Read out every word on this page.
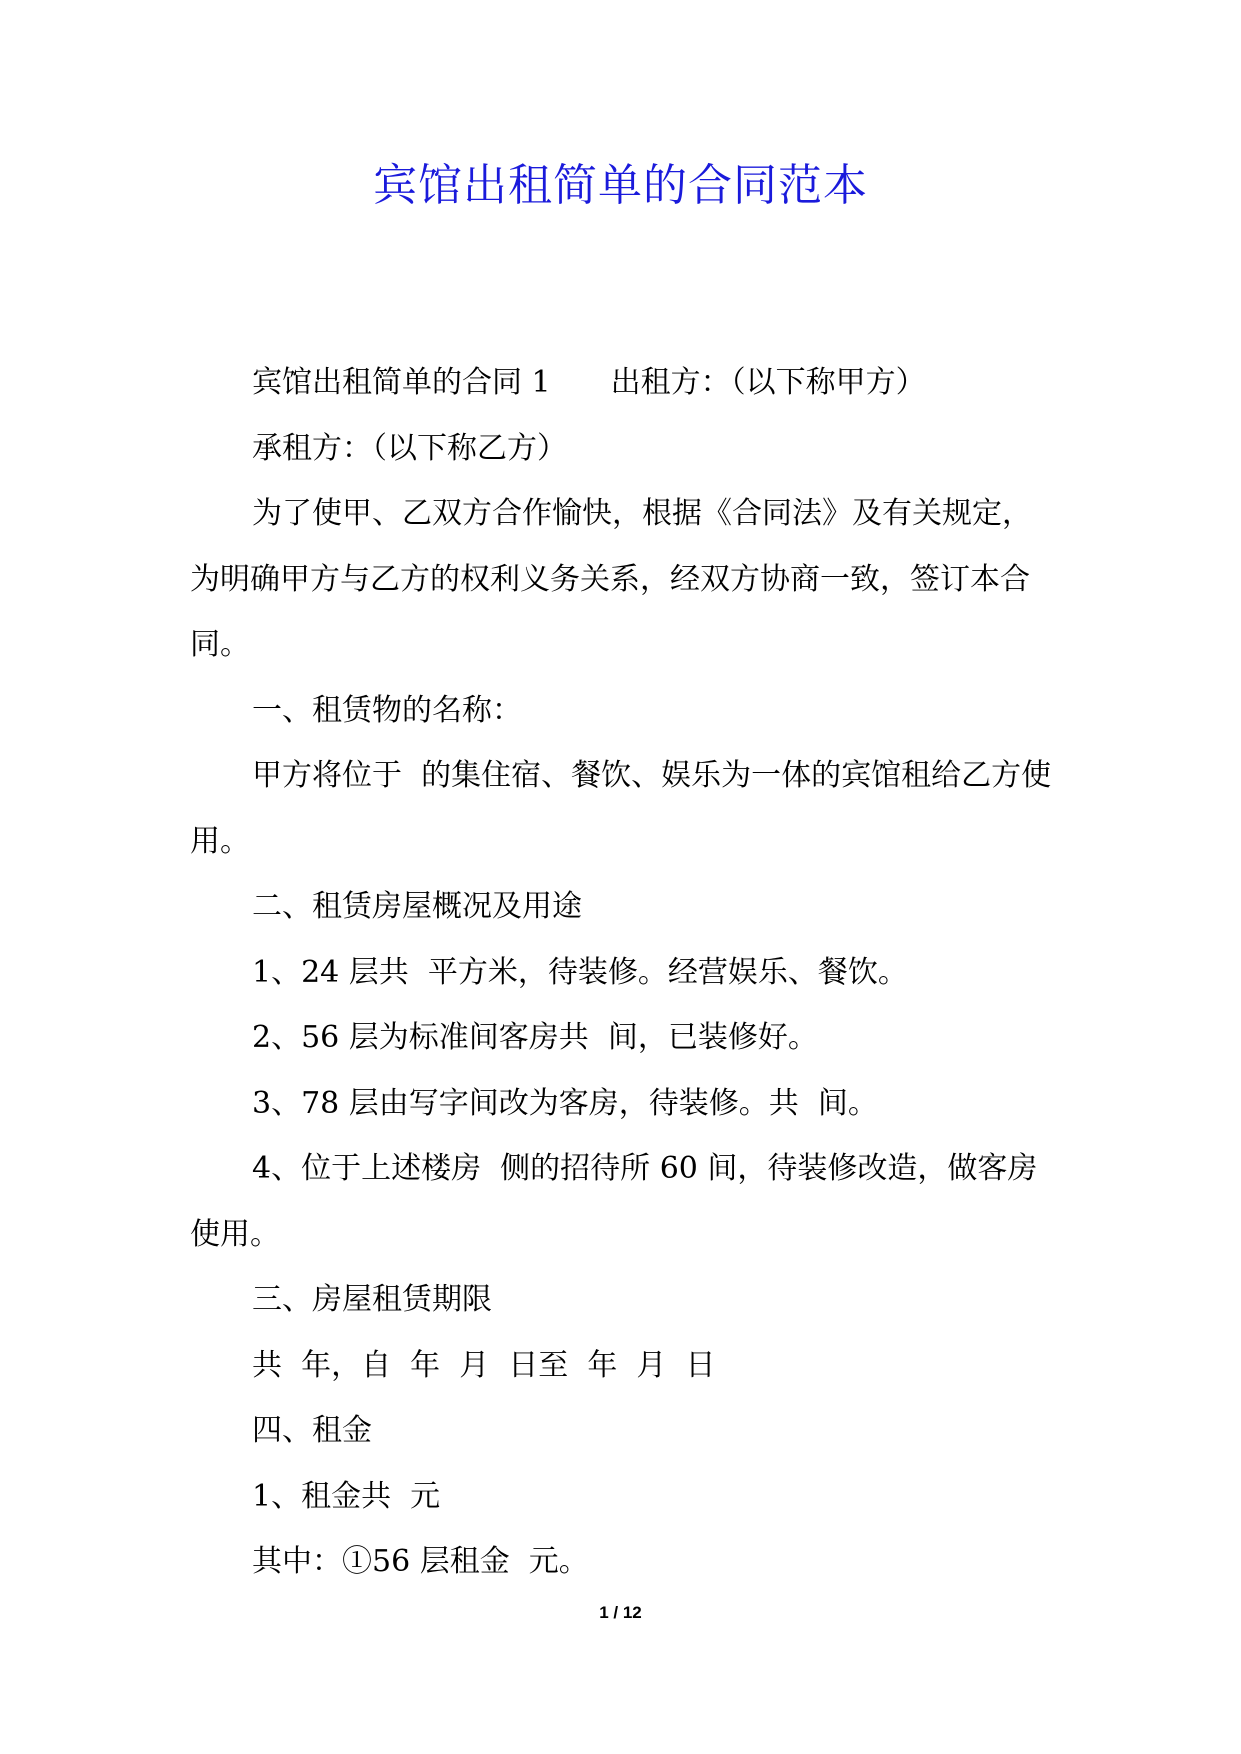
宾馆出租简单的合同范本

宾馆出租简单的合同 1　　出租方：（以下称甲方）

承租方：（以下称乙方）

为了使甲、乙双方合作愉快，根据《合同法》及有关规定，为明确甲方与乙方的权利义务关系，经双方协商一致，签订本合同。

一、租赁物的名称：

甲方将位于  的集住宿、餐饮、娱乐为一体的宾馆租给乙方使用。

二、租赁房屋概况及用途

1、24 层共  平方米，待装修。经营娱乐、餐饮。

2、56 层为标准间客房共  间，已装修好。

3、78 层由写字间改为客房，待装修。共  间。

4、位于上述楼房  侧的招待所 60 间，待装修改造，做客房使用。

三、房屋租赁期限

共  年，自  年  月  日至  年  月  日

四、租金

1、租金共  元

其中：①56 层租金  元。

1 / 12
